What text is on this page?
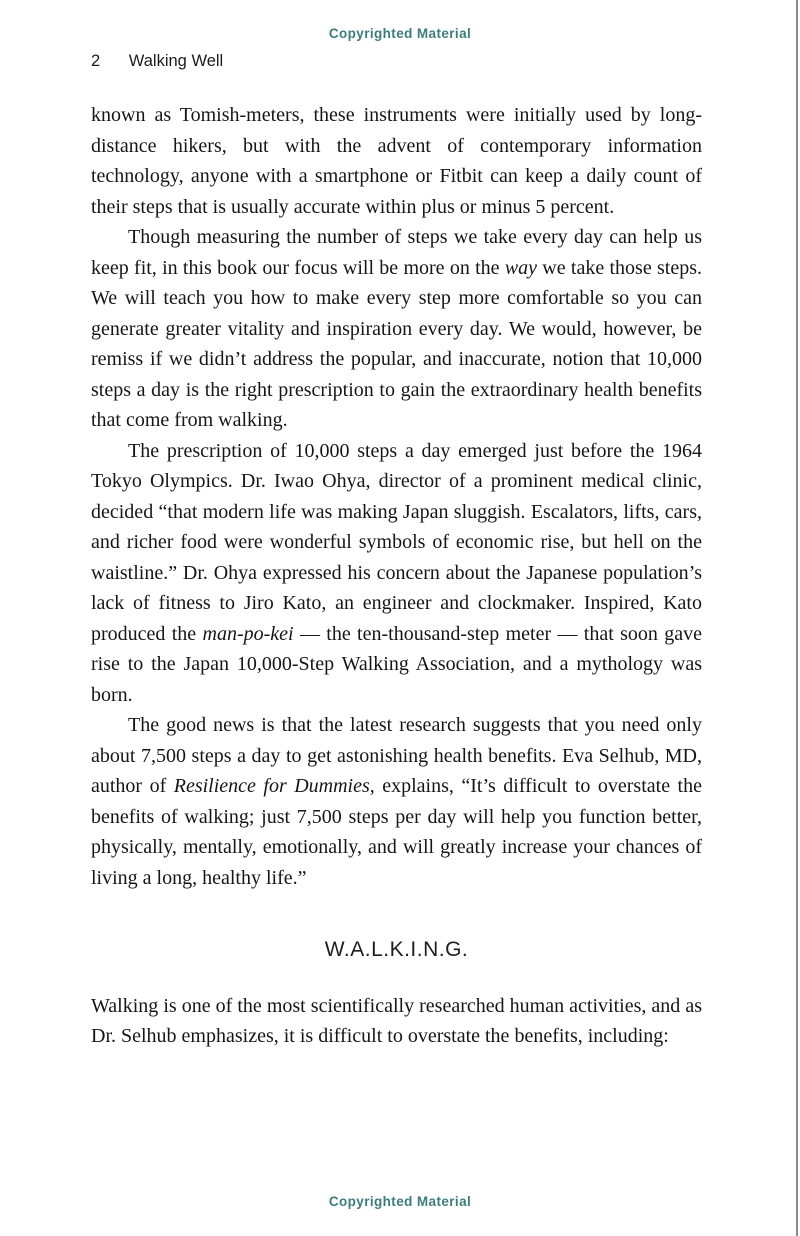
Copyrighted Material
2 Walking Well

known as Tomish-meters, these instruments were initially used by long-distance hikers, but with the advent of contemporary information technology, anyone with a smartphone or Fitbit can keep a daily count of their steps that is usually accurate within plus or minus 5 percent.

Though measuring the number of steps we take every day can help us keep fit, in this book our focus will be more on the way we take those steps. We will teach you how to make every step more comfortable so you can generate greater vitality and inspiration every day. We would, however, be remiss if we didn’t address the popular, and inaccurate, notion that 10,000 steps a day is the right prescription to gain the extraordinary health benefits that come from walking.

The prescription of 10,000 steps a day emerged just before the 1964 Tokyo Olympics. Dr. Iwao Ohya, director of a prominent medical clinic, decided “that modern life was making Japan sluggish. Escalators, lifts, cars, and richer food were wonderful symbols of economic rise, but hell on the waistline.” Dr. Ohya expressed his concern about the Japanese population’s lack of fitness to Jiro Kato, an engineer and clockmaker. Inspired, Kato produced the man-po-kei — the ten-thousand-step meter — that soon gave rise to the Japan 10,000-Step Walking Association, and a mythology was born.

The good news is that the latest research suggests that you need only about 7,500 steps a day to get astonishing health benefits. Eva Selhub, MD, author of Resilience for Dummies, explains, “It’s difficult to overstate the benefits of walking; just 7,500 steps per day will help you function better, physically, mentally, emotionally, and will greatly increase your chances of living a long, healthy life.”

W.A.L.K.I.N.G.

Walking is one of the most scientifically researched human activities, and as Dr. Selhub emphasizes, it is difficult to overstate the benefits, including:

Copyrighted Material
